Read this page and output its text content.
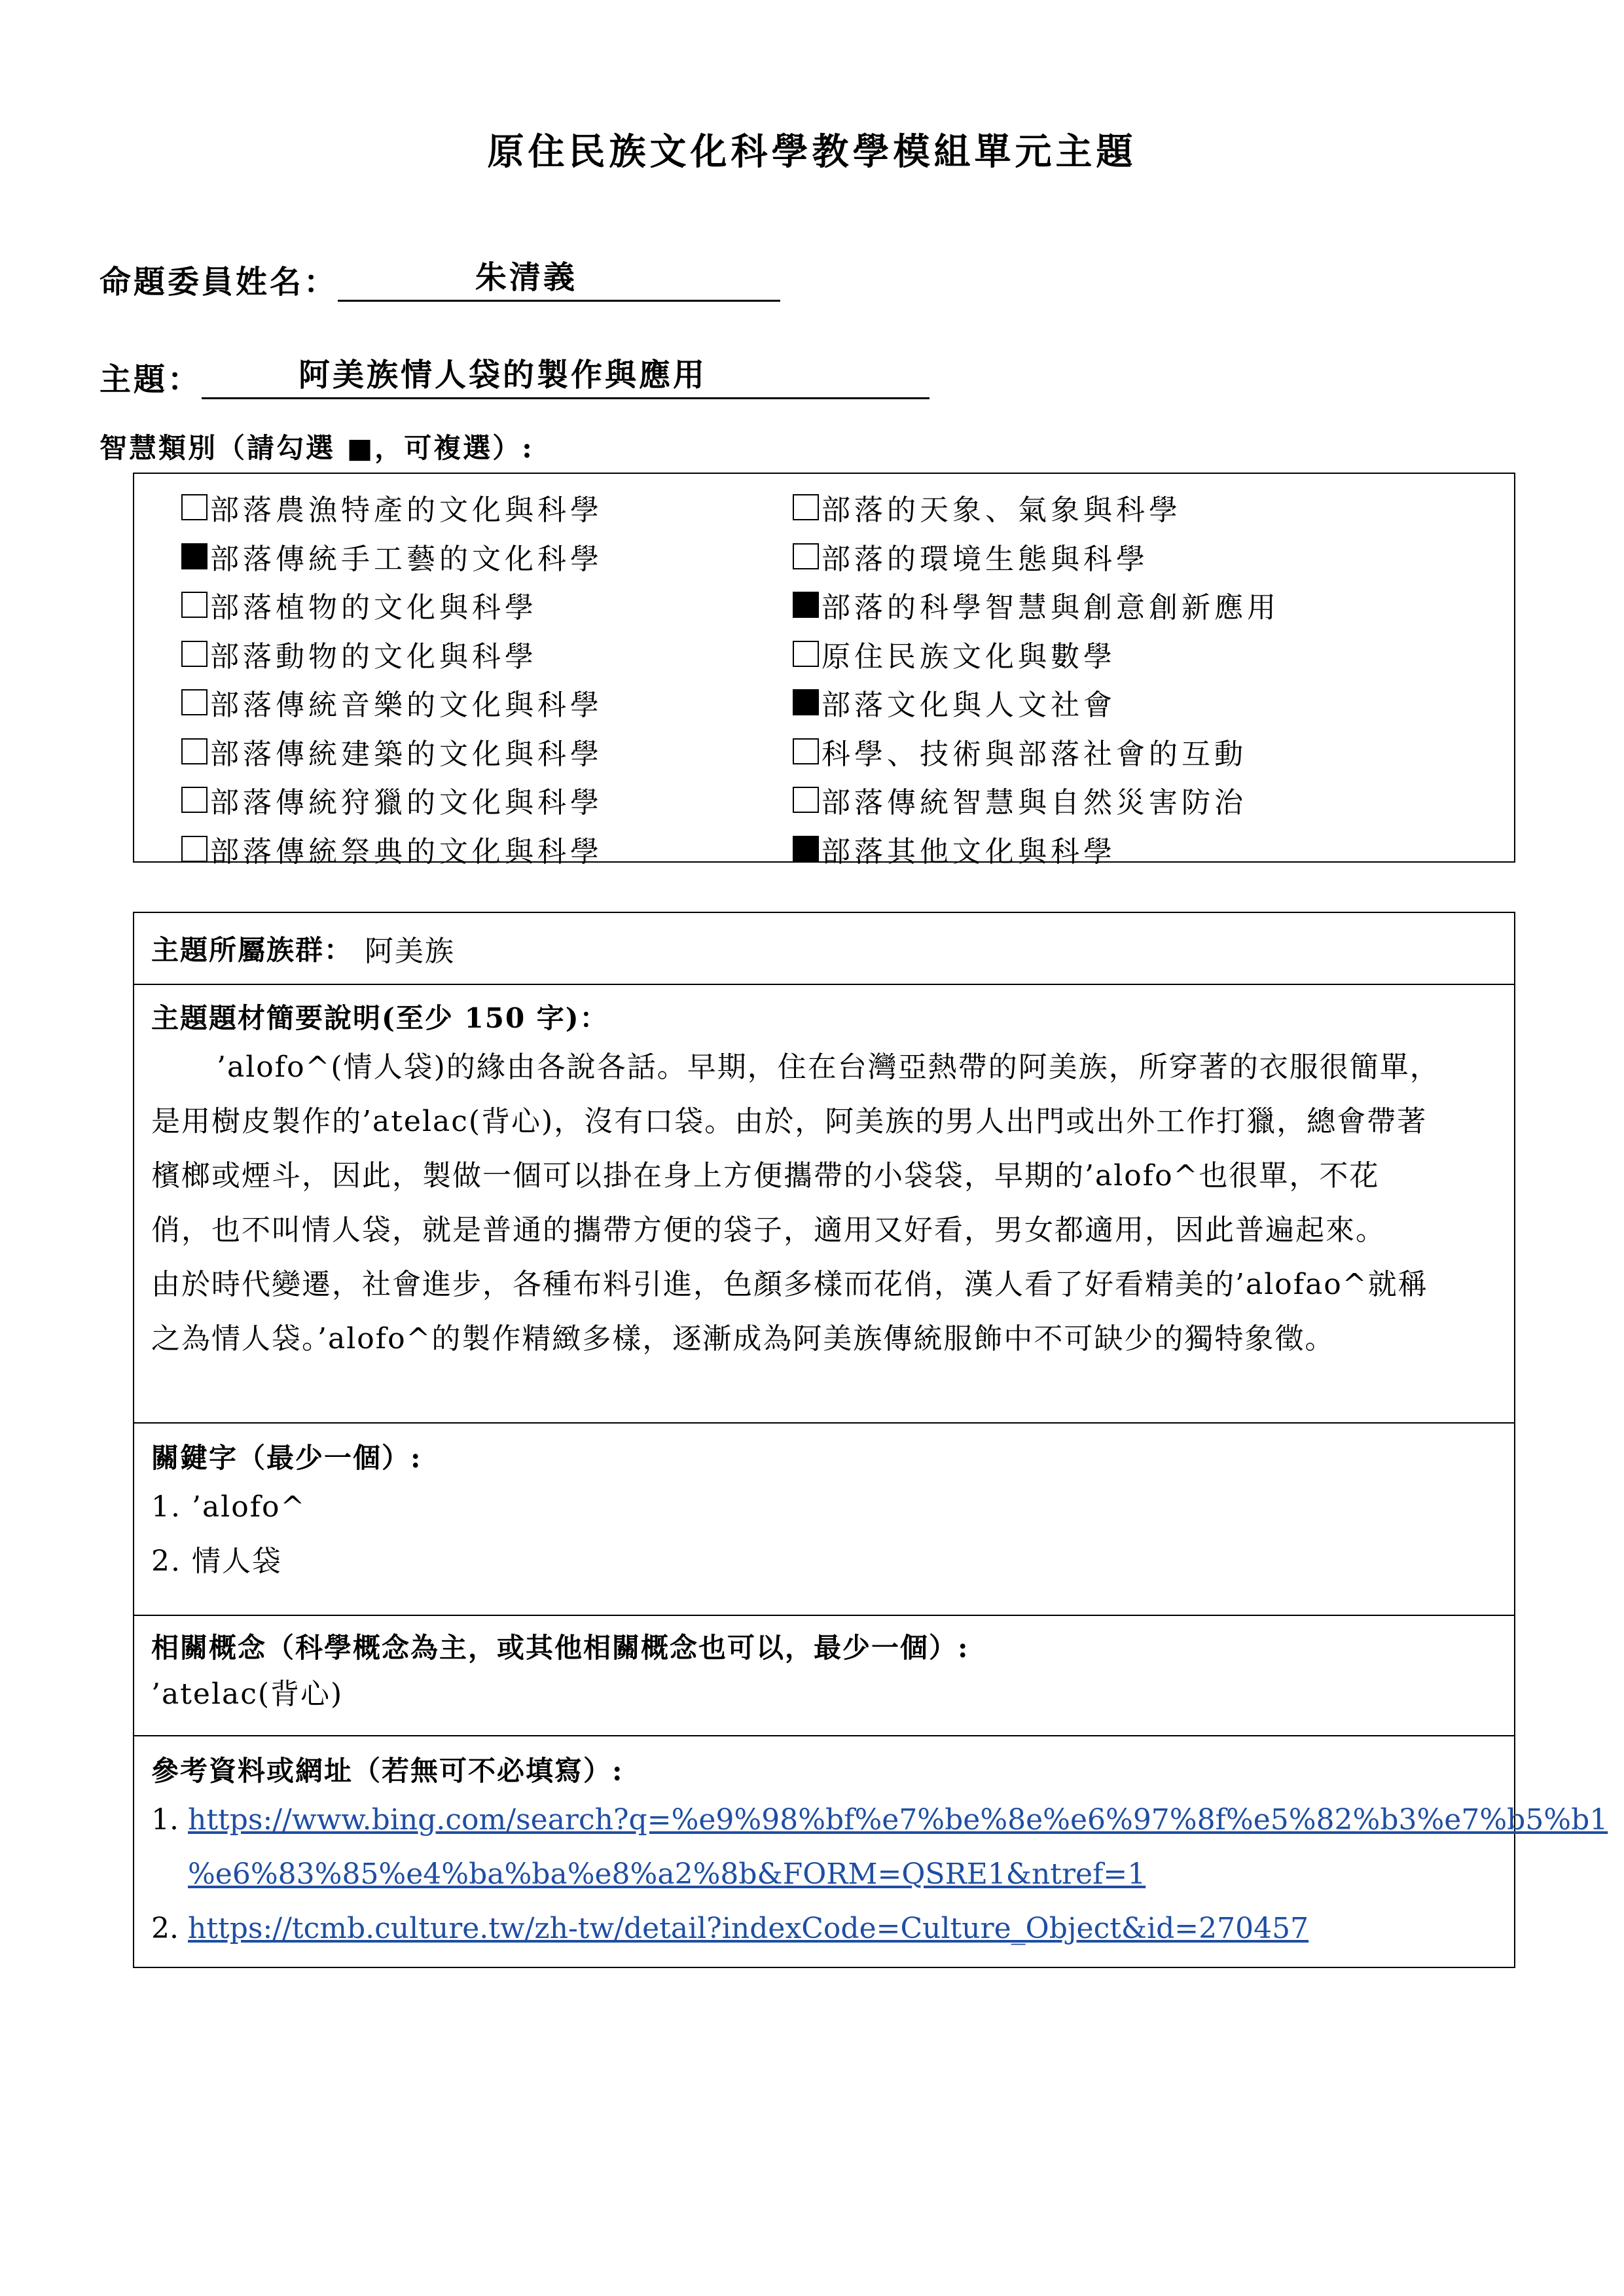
原住民族文化科學教學模組單元主題
命題委員姓名：	朱清義
主題：	阿美族情人袋的製作與應用
智慧類別（請勾選 ■，可複選）:
部落農漁特產的文化與科學
部落傳統手工藝的文化科學
部落植物的文化與科學
部落動物的文化與科學
部落傳統音樂的文化與科學
部落傳統建築的文化與科學
部落傳統狩獵的文化與科學
部落傳統祭典的文化與科學
部落的天象、氣象與科學
部落的環境生態與科學
部落的科學智慧與創意創新應用
原住民族文化與數學
部落文化與人文社會
科學、技術與部落社會的互動
部落傳統智慧與自然災害防治
部落其他文化與科學
主題所屬族群： 阿美族
主題題材簡要說明(至少 150 字)：
’alofo^(情人袋)的緣由各說各話。早期，住在台灣亞熱帶的阿美族，所穿著的衣服很簡單，
是用樹皮製作的’atelac(背心)，沒有口袋。由於，阿美族的男人出門或出外工作打獵，總會帶著
檳榔或煙斗，因此，製做一個可以掛在身上方便攜帶的小袋袋，早期的’alofo^也很單，不花
俏，也不叫情人袋，就是普通的攜帶方便的袋子，適用又好看，男女都適用，因此普遍起來。
由於時代變遷，社會進步，各種布料引進，色顏多樣而花俏，漢人看了好看精美的’alofao^就稱
之為情人袋。’alofo^的製作精緻多樣，逐漸成為阿美族傳統服飾中不可缺少的獨特象徵。
關鍵字（最少一個）:
1. ’alofo^
2. 情人袋
相關概念（科學概念為主，或其他相關概念也可以，最少一個）:
’atelac(背心)
參考資料或網址（若無可不必填寫）:
1. https://www.bing.com/search?q=%e9%98%bf%e7%be%8e%e6%97%8f%e5%82%b3%e7%b5%b1
%e6%83%85%e4%ba%ba%e8%a2%8b&FORM=QSRE1&ntref=1
2. https://tcmb.culture.tw/zh-tw/detail?indexCode=Culture_Object&id=270457
